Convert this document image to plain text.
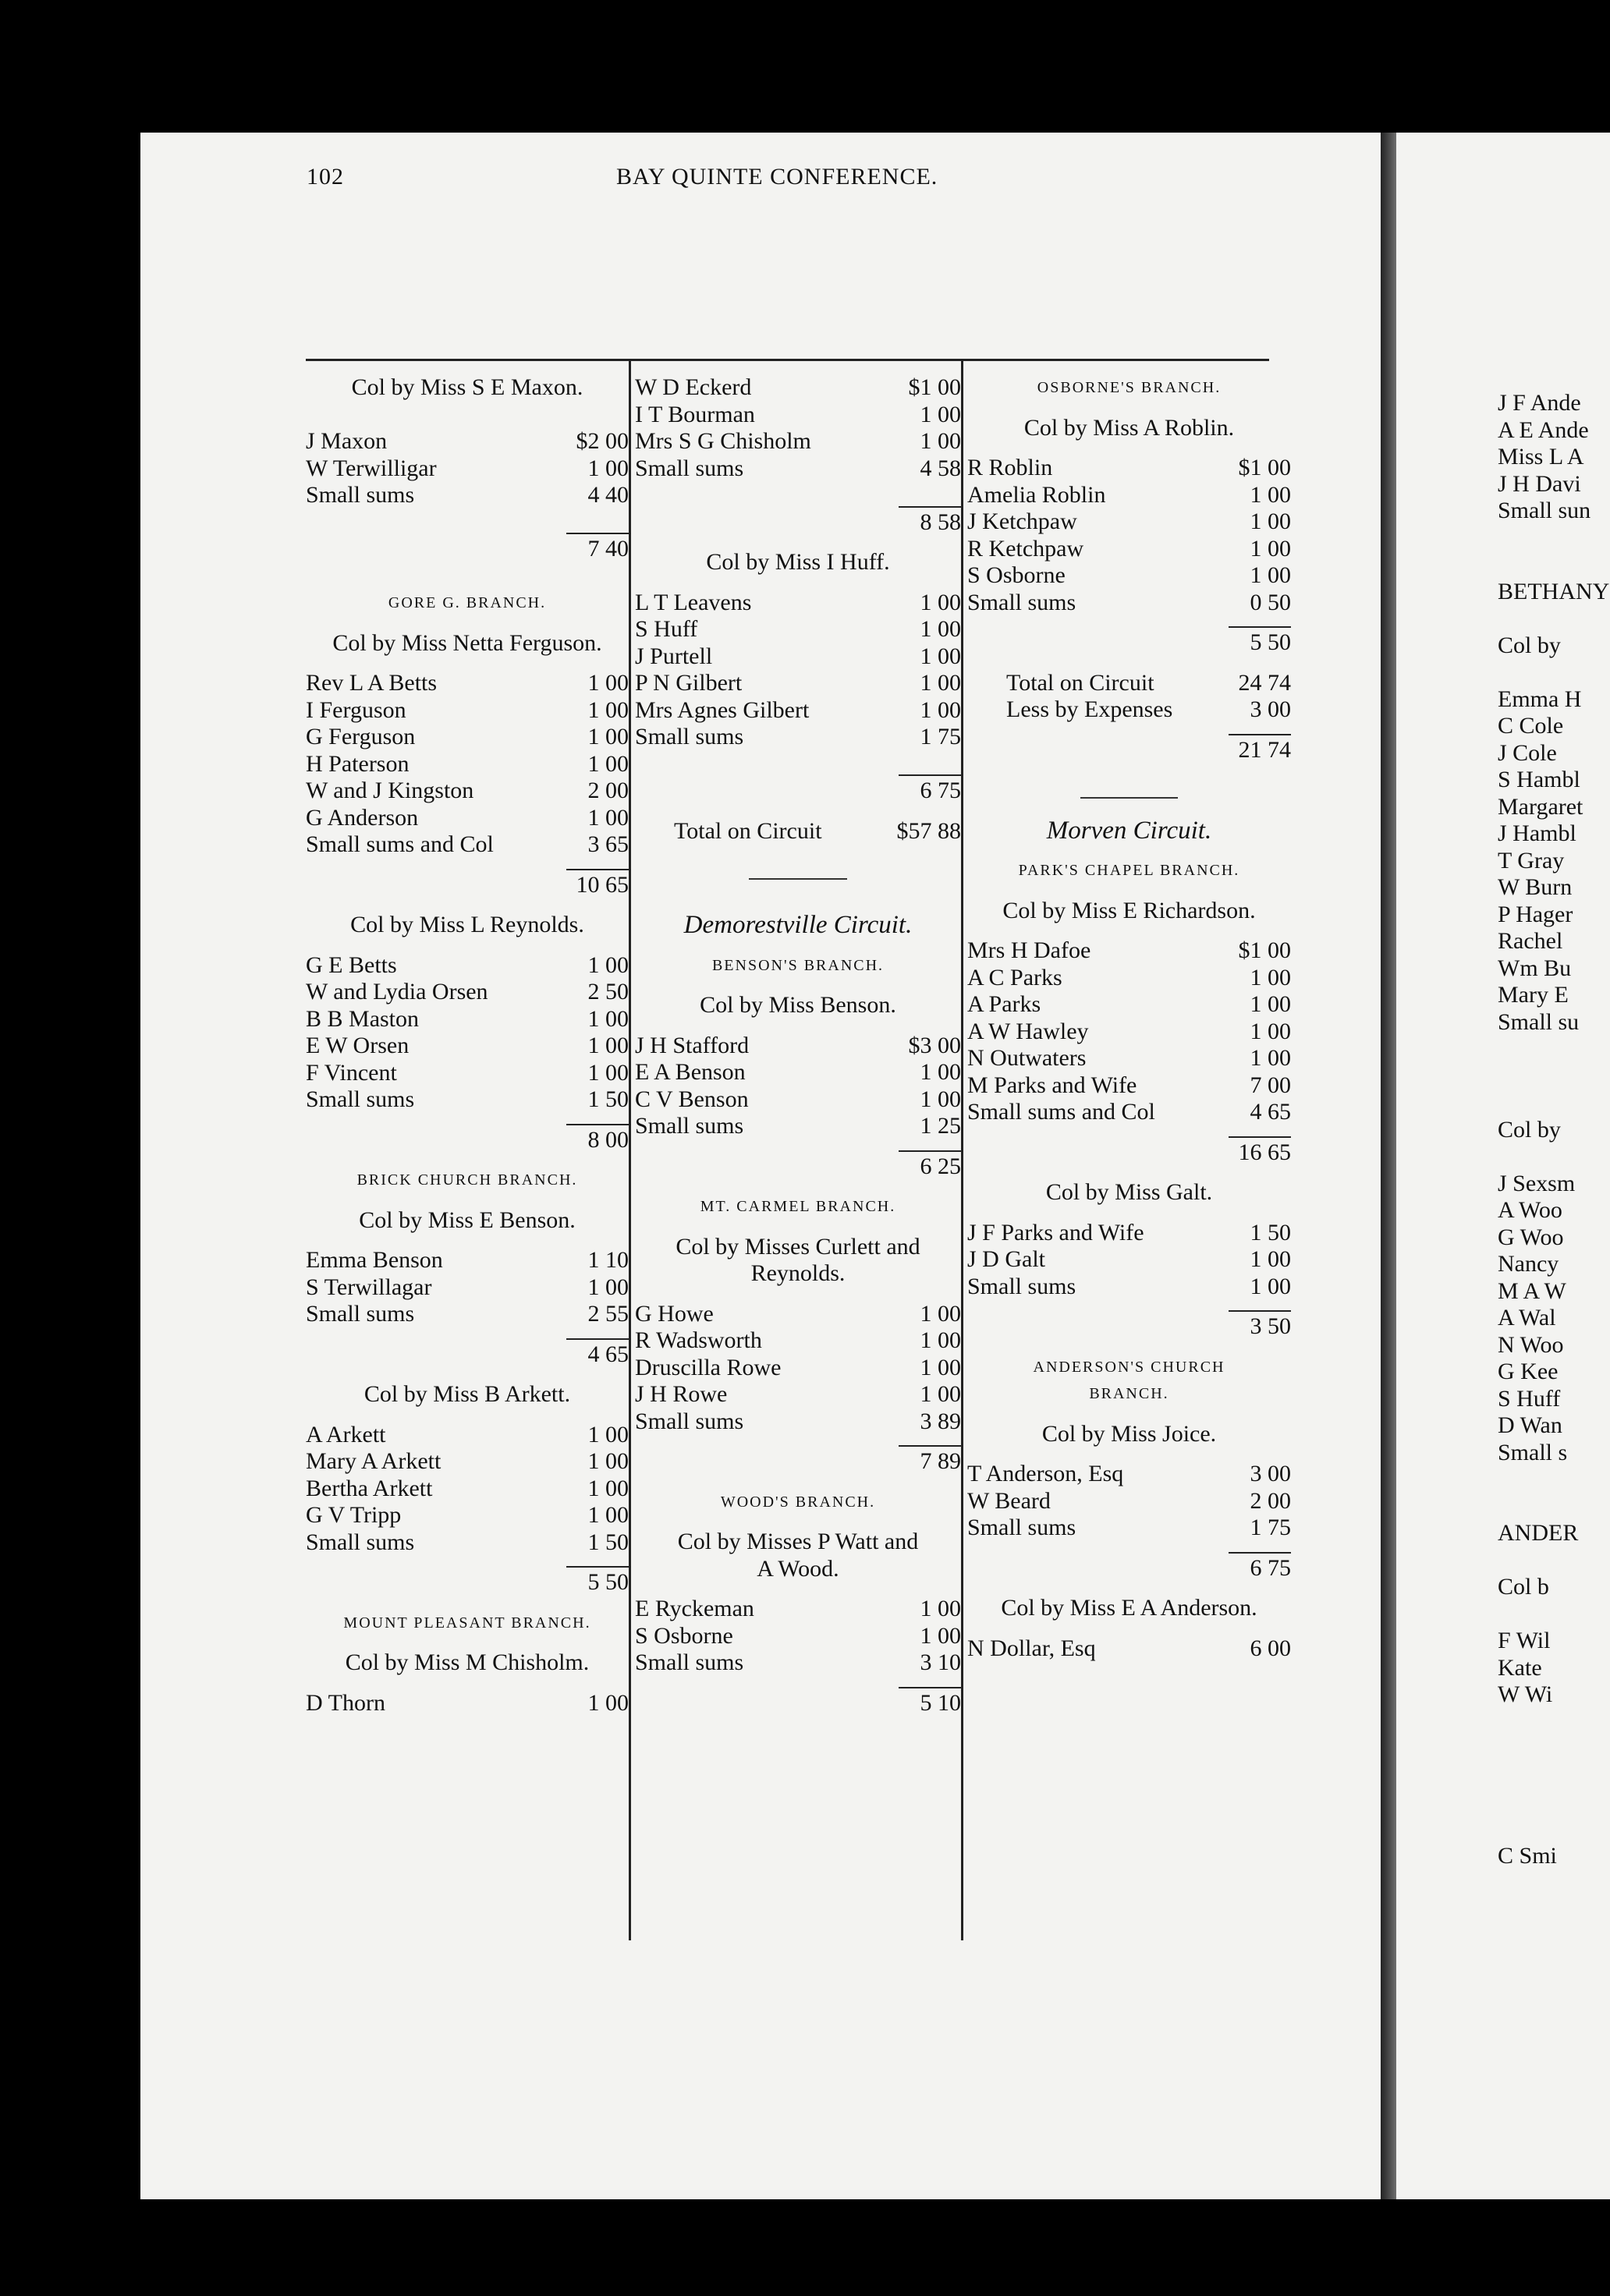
102	BAY QUINTE CONFERENCE.
Col by Miss S E Maxon.
J Maxon	$2 00
W Terwilligar	1 00
Small sums	4 40
7 40
GORE G. BRANCH.
Col by Miss Netta Ferguson.
Rev L A Betts	1 00
I Ferguson	1 00
G Ferguson	1 00
H Paterson	1 00
W and J Kingston	2 00
G Anderson	1 00
Small sums and Col	3 65
10 65
Col by Miss L Reynolds.
G E Betts	1 00
W and Lydia Orsen	2 50
B B Maston	1 00
E W Orsen	1 00
F Vincent	1 00
Small sums	1 50
8 00
BRICK CHURCH BRANCH.
Col by Miss E Benson.
Emma Benson	1 10
S Terwillagar	1 00
Small sums	2 55
4 65
Col by Miss B Arkett.
A Arkett	1 00
Mary A Arkett	1 00
Bertha Arkett	1 00
G V Tripp	1 00
Small sums	1 50
5 50
MOUNT PLEASANT BRANCH.
Col by Miss M Chisholm.
D Thorn	1 00
W D Eckerd	$1 00
I T Bourman	1 00
Mrs S G Chisholm	1 00
Small sums	4 58
8 58
Col by Miss I Huff.
L T Leavens	1 00
S Huff	1 00
J Purtell	1 00
P N Gilbert	1 00
Mrs Agnes Gilbert	1 00
Small sums	1 75
6 75
Total on Circuit	$57 88
Demorestville Circuit.
BENSON'S BRANCH.
Col by Miss Benson.
J H Stafford	$3 00
E A Benson	1 00
C V Benson	1 00
Small sums	1 25
6 25
MT. CARMEL BRANCH.
Col by Misses Curlett and
Reynolds.
G Howe	1 00
R Wadsworth	1 00
Druscilla Rowe	1 00
J H Rowe	1 00
Small sums	3 89
7 89
WOOD'S BRANCH.
Col by Misses P Watt and
A Wood.
E Ryckeman	1 00
S Osborne	1 00
Small sums	3 10
5 10
OSBORNE'S BRANCH.
Col by Miss A Roblin.
R Roblin	$1 00
Amelia Roblin	1 00
J Ketchpaw	1 00
R Ketchpaw	1 00
S Osborne	1 00
Small sums	0 50
5 50
Total on Circuit	24 74
Less by Expenses	3 00
21 74
Morven Circuit.
PARK'S CHAPEL BRANCH.
Col by Miss E Richardson.
Mrs H Dafoe	$1 00
A C Parks	1 00
A Parks	1 00
A W Hawley	1 00
N Outwaters	1 00
M Parks and Wife	7 00
Small sums and Col	4 65
16 65
Col by Miss Galt.
J F Parks and Wife	1 50
J D Galt	1 00
Small sums	1 00
3 50
ANDERSON'S CHURCH
BRANCH.
Col by Miss Joice.
T Anderson, Esq	3 00
W Beard	2 00
Small sums	1 75
6 75
Col by Miss E A Anderson.
N Dollar, Esq	6 00
J F Ande
A E Ande
Miss L A
J H Davi
Small sun
BETHANY
Col by
Emma H
C Cole
J Cole
S Hambl
Margaret
J Hambl
T Gray
W Burn
P Hager
Rachel
Wm Bu
Mary E
Small su
Col by
J Sexsm
A Woo
G Woo
Nancy
M A W
A Wal
N Woo
G Kee
S Huff
D Wan
Small s
ANDER
Col b
F Wil
Kate
W Wi
C Smi
